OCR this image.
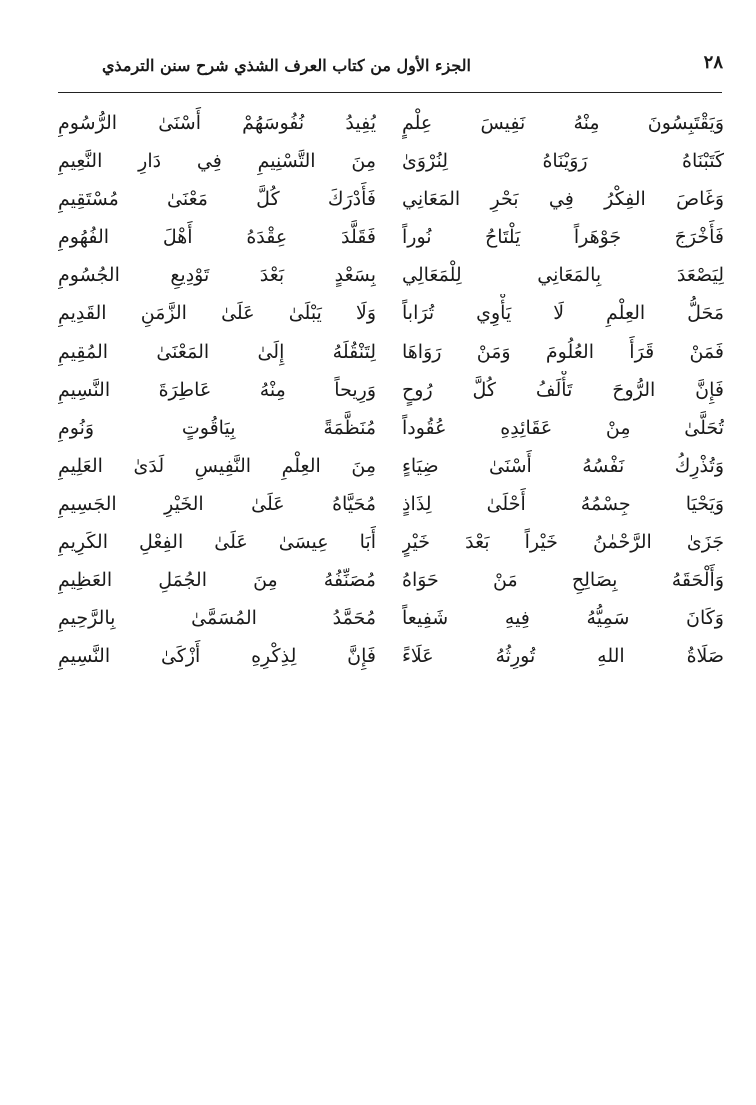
٢٨
الجزء الأول من كتاب العرف الشذي شرح سنن الترمذي
وَيَقْتَبِسُونَ مِنْهُ نَفِيسَ عِلْمٍ
كَتَبْنَاهُ رَوَيْنَاهُ لِنُرْوَىٰ
وَغَاصَ الفِكْرُ فِي بَحْرِ المَعَانِي
فَأَخْرَجَ جَوْهَراً يَلْتَاحُ نُوراً
لِيَصْعَدَ بِالمَعَانِي لِلْمَعَالِي
مَحَلُّ العِلْمِ لَا يَأْوِي تُرَاباً
فَمَنْ قَرَأَ العُلُومَ وَمَنْ رَوَاهَا
فَإِنَّ الرُّوحَ تَأْلَفُ كُلَّ رُوحٍ
تُحَلَّىٰ مِنْ عَقَائِدِهِ عُقُوداً
وَتُذْرِكُ نَفْسُهُ أَسْنَىٰ ضِيَاءٍ
وَيَحْيَا جِسْمُهُ أَحْلَىٰ لِذَاذٍ
جَزَىٰ الرَّحْمٰنُ خَيْراً بَعْدَ خَيْرٍ
وَأَلْحَقَهُ بِصَالِحِ مَنْ حَوَاهُ
وَكَانَ سَمِيُّهُ فِيهِ شَفِيعاً
صَلَاةُ اللهِ تُورِثُهُ عَلَاءً
يُفِيدُ نُفُوسَهُمْ أَسْنَىٰ الرُّسُومِ
مِنَ التَّسْنِيمِ فِي دَارِ النَّعِيمِ
فَأَدْرَكَ كُلَّ مَعْنَىٰ مُسْتَقِيمِ
فَقَلَّدَ عِقْدَهُ أَهْلَ الفُهُومِ
بِسَعْدٍ بَعْدَ تَوْدِيعِ الجُسُومِ
وَلَا يَبْلَىٰ عَلَىٰ الزَّمَنِ القَدِيمِ
لِتَنْقُلَهُ إِلَىٰ المَعْنَىٰ المُقِيمِ
وَرِيحاً مِنْهُ عَاطِرَةَ النَّسِيمِ
مُنَظَّمَةً بِيَاقُوتٍ وَنُومِ
مِنَ العِلْمِ النَّفِيسِ لَدَىٰ العَلِيمِ
مُحَيَّاهُ عَلَىٰ الخَيْرِ الجَسِيمِ
أَبَا عِيسَىٰ عَلَىٰ الفِعْلِ الكَرِيمِ
مُصَنِّفُهُ مِنَ الجُمَلِ العَظِيمِ
مُحَمَّدُ المُسَمَّىٰ بِالرَّحِيمِ
فَإِنَّ لِذِكْرِهِ أَزْكَىٰ النَّسِيمِ
